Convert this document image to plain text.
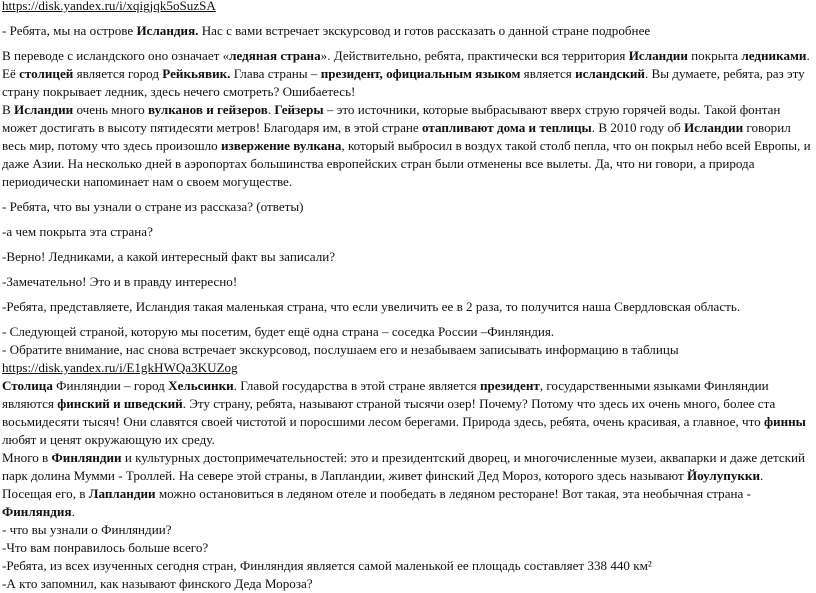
https://disk.yandex.ru/i/xqigjqk5oSuzSA

- Ребята, мы на острове Исландия. Нас с вами встречает экскурсовод и готов рассказать о данной стране подробнее

В переводе с исландского оно означает «ледяная страна». Действительно, ребята, практически вся территория Исландии покрыта ледниками. Её столицей является город Рейкьявик. Глава страны – президент, официальным языком является исландский. Вы думаете, ребята, раз эту страну покрывает ледник, здесь нечего смотреть? Ошибаетесь!

В Исландии очень много вулканов и гейзеров. Гейзеры – это источники, которые выбрасывают вверх струю горячей воды. Такой фонтан может достигать в высоту пятидесяти метров! Благодаря им, в этой стране отапливают дома и теплицы. В 2010 году об Исландии говорил весь мир, потому что здесь произошло извержение вулкана, который выбросил в воздух такой столб пепла, что он покрыл небо всей Европы, и даже Азии. На несколько дней в аэропортах большинства европейских стран были отменены все вылеты. Да, что ни говори, а природа периодически напоминает нам о своем могуществе.

- Ребята, что вы узнали о стране из рассказа? (ответы)

-а чем покрыта эта страна?

-Верно! Ледниками, а какой интересный факт вы записали?

-Замечательно! Это и в правду интересно!

-Ребята, представляете, Исландия такая маленькая страна, что если увеличить ее в 2 раза, то получится наша Свердловская область.

- Следующей страной, которую мы посетим, будет ещё одна страна – соседка России –Финляндия.

- Обратите внимание, нас снова встречает экскурсовод, послушаем его и незабываем записывать информацию в таблицы

https://disk.yandex.ru/i/E1gkHWQa3KUZog

Столица Финляндии – город Хельсинки. Главой государства в этой стране является президент, государственными языками Финляндии являются финский и шведский. Эту страну, ребята, называют страной тысячи озер! Почему? Потому что здесь их очень много, более ста восьмидесяти тысяч! Они славятся своей чистотой и поросшими лесом берегами. Природа здесь, ребята, очень красивая, а главное, что финны любят и ценят окружающую их среду.

Много в Финляндии и культурных достопримечательностей: это и президентский дворец, и многочисленные музеи, аквапарки и даже детский парк долина Мумми - Троллей. На севере этой страны, в Лапландии, живет финский Дед Мороз, которого здесь называют Йоулупукки. Посещая его, в Лапландии можно остановиться в ледяном отеле и пообедать в ледяном ресторане! Вот такая, эта необычная страна - Финляндия.

- что вы узнали о Финляндии?

-Что вам понравилось больше всего?

-Ребята, из всех изученных сегодня стран, Финляндия является самой маленькой ее площадь составляет 338 440 км²

-А кто запомнил, как называют финского Деда Мороза?
